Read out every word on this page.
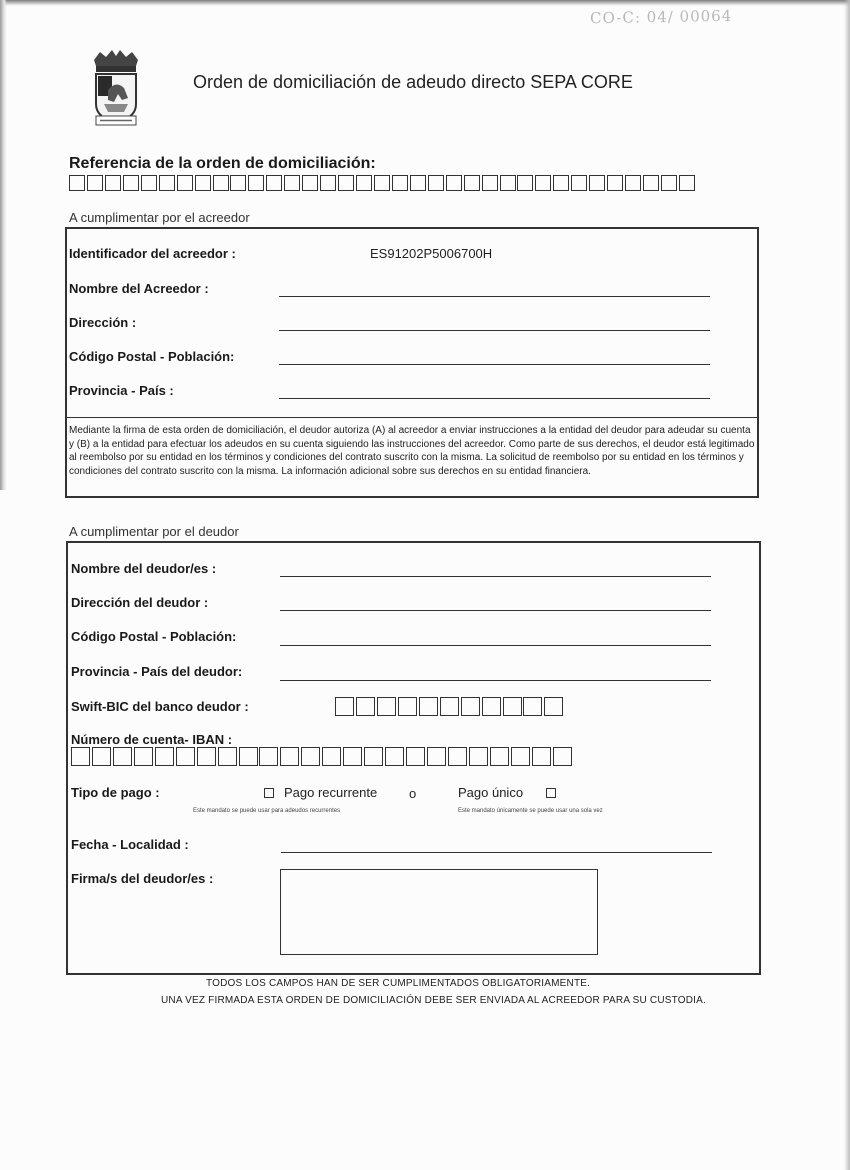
CO-C: 04/ 00064
Orden de domiciliación de adeudo directo SEPA CORE
Referencia de la orden de domiciliación:
A cumplimentar por el acreedor
Identificador del acreedor :	ES91202P5006700H
Nombre del Acreedor :
Dirección :
Código Postal - Población:
Provincia - País :
Mediante la firma de esta orden de domiciliación, el deudor autoriza (A) al acreedor a enviar instrucciones a la entidad del deudor para adeudar su cuenta y (B) a la entidad para efectuar los adeudos en su cuenta siguiendo las instrucciones del acreedor. Como parte de sus derechos, el deudor está legitimado al reembolso por su entidad en los términos y condiciones del contrato suscrito con la misma. La solicitud de reembolso por su entidad en los términos y condiciones del contrato suscrito con la misma. La información adicional sobre sus derechos en su entidad financiera.
A cumplimentar por el deudor
Nombre del deudor/es :
Dirección del deudor :
Código Postal - Población:
Provincia - País del deudor:
Swift-BIC del banco deudor :
Número de cuenta- IBAN :
Tipo de pago :	Pago recurrente o	Pago único
Este mandato se puede usar para adeudos recurrentes	Este mandato únicamente se puede usar una sola vez
Fecha - Localidad :
Firma/s del deudor/es :
TODOS LOS CAMPOS HAN DE SER CUMPLIMENTADOS OBLIGATORIAMENTE.
UNA VEZ FIRMADA ESTA ORDEN DE DOMICILIACIÓN DEBE SER ENVIADA AL ACREEDOR PARA SU CUSTODIA.
